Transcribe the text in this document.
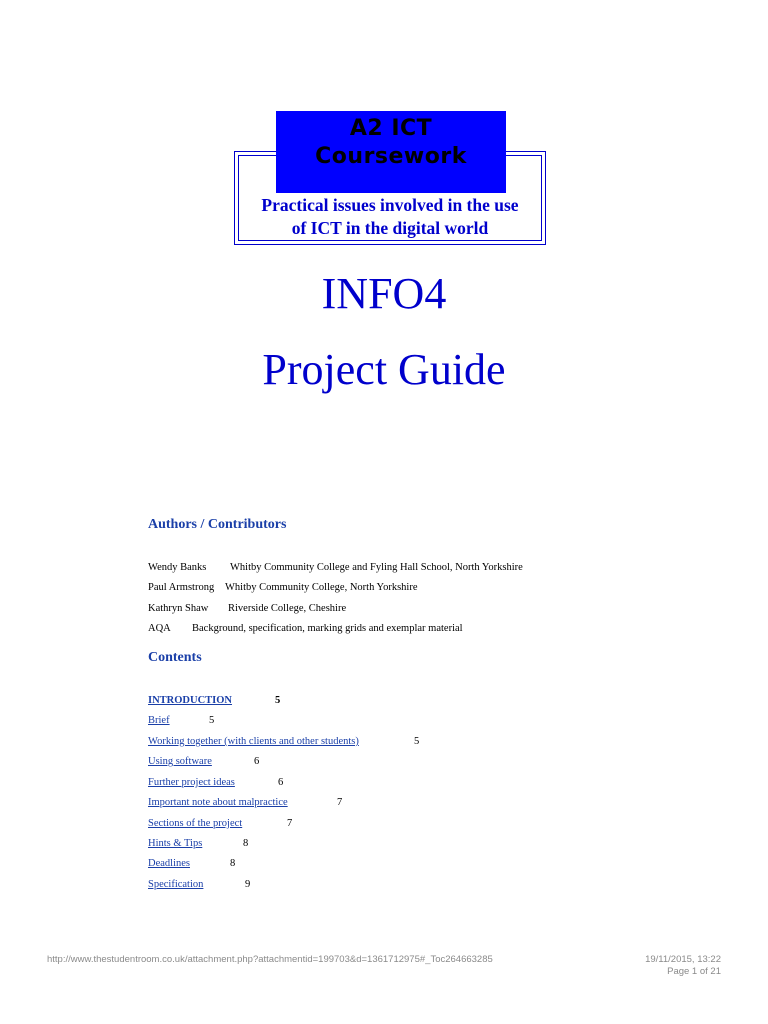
A2 ICT
Coursework
Practical issues involved in the use
of ICT in the digital world
INFO4
Project Guide
Authors / Contributors
Wendy Banks Whitby Community College and Fyling Hall School, North Yorkshire
Paul Armstrong Whitby Community College, North Yorkshire
Kathryn Shaw Riverside College, Cheshire
AQA Background, specification, marking grids and exemplar material
Contents
INTRODUCTION	5
Brief	5
Working together (with clients and other students)	5
Using software	6
Further project ideas	6
Important note about malpractice	7
Sections of the project	7
Hints & Tips	8
Deadlines	8
Specification	9
http://www.thestudentroom.co.uk/attachment.php?attachmentid=199703&d=1361712975#_Toc264663285	19/11/2015, 13:22
Page 1 of 21
